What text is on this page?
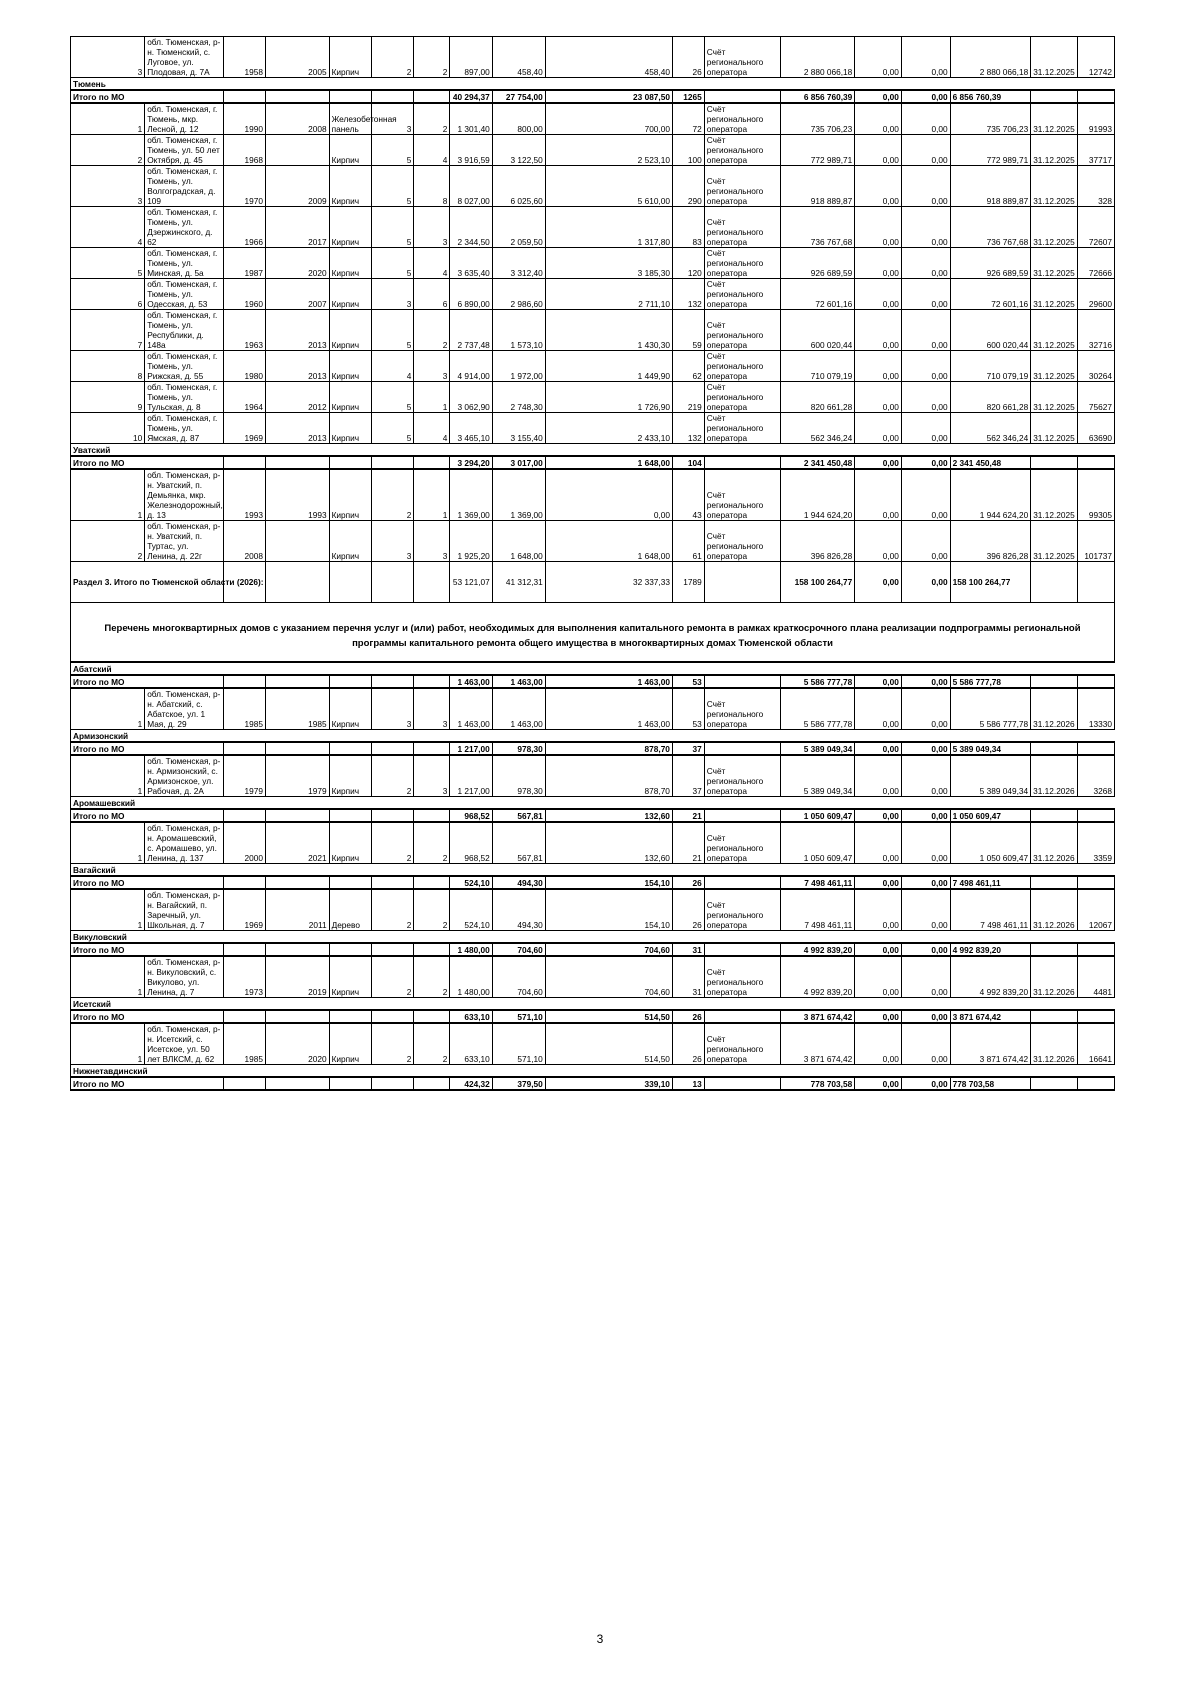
3	обл. Тюменская, р-н. Тюменский, с. Луговое, ул. Плодовая, д. 7А	1958	2005	Кирпич	2	2	897,00	458,40	458,40	26	Счёт регионального оператора	2 880 066,18	0,00	0,00	2 880 066,18	31.12.2025	12742
Тюмень																	
Итого по МО							40 294,37	27 754,00	23 087,50	1265		6 856 760,39	0,00	0,00	6 856 760,39		
1	обл. Тюменская, г. Тюмень, мкр. Лесной, д. 12	1990	2008	Железобетонная панель	3	2	1 301,40	800,00	700,00	72	Счёт регионального оператора	735 706,23	0,00	0,00	735 706,23	31.12.2025	91993
2	обл. Тюменская, г. Тюмень, ул. 50 лет Октября, д. 45	1968		Кирпич	5	4	3 916,59	3 122,50	2 523,10	100	Счёт регионального оператора	772 989,71	0,00	0,00	772 989,71	31.12.2025	37717
3	обл. Тюменская, г. Тюмень, ул. Волгоградская, д. 109	1970	2009	Кирпич	5	8	8 027,00	6 025,60	5 610,00	290	Счёт регионального оператора	918 889,87	0,00	0,00	918 889,87	31.12.2025	328
4	обл. Тюменская, г. Тюмень, ул. Дзержинского, д. 62	1966	2017	Кирпич	5	3	2 344,50	2 059,50	1 317,80	83	Счёт регионального оператора	736 767,68	0,00	0,00	736 767,68	31.12.2025	72607
5	обл. Тюменская, г. Тюмень, ул. Минская, д. 5а	1987	2020	Кирпич	5	4	3 635,40	3 312,40	3 185,30	120	Счёт регионального оператора	926 689,59	0,00	0,00	926 689,59	31.12.2025	72666
6	обл. Тюменская, г. Тюмень, ул. Одесская, д. 53	1960	2007	Кирпич	3	6	6 890,00	2 986,60	2 711,10	132	Счёт регионального оператора	72 601,16	0,00	0,00	72 601,16	31.12.2025	29600
7	обл. Тюменская, г. Тюмень, ул. Республики, д. 148а	1963	2013	Кирпич	5	2	2 737,48	1 573,10	1 430,30	59	Счёт регионального оператора	600 020,44	0,00	0,00	600 020,44	31.12.2025	32716
8	обл. Тюменская, г. Тюмень, ул. Рижская, д. 55	1980	2013	Кирпич	4	3	4 914,00	1 972,00	1 449,90	62	Счёт регионального оператора	710 079,19	0,00	0,00	710 079,19	31.12.2025	30264
9	обл. Тюменская, г. Тюмень, ул. Тульская, д. 8	1964	2012	Кирпич	5	1	3 062,90	2 748,30	1 726,90	219	Счёт регионального оператора	820 661,28	0,00	0,00	820 661,28	31.12.2025	75627
10	обл. Тюменская, г. Тюмень, ул. Ямская, д. 87	1969	2013	Кирпич	5	4	3 465,10	3 155,40	2 433,10	132	Счёт регионального оператора	562 346,24	0,00	0,00	562 346,24	31.12.2025	63690
Уватский																	
Итого по МО							3 294,20	3 017,00	1 648,00	104		2 341 450,48	0,00	0,00	2 341 450,48		
1	обл. Тюменская, р-н. Уватский, п. Демьянка, мкр. Железнодорожный, д. 13	1993	1993	Кирпич	2	1	1 369,00	1 369,00	0,00	43	Счёт регионального оператора	1 944 624,20	0,00	0,00	1 944 624,20	31.12.2025	99305
2	обл. Тюменская, р-н. Уватский, п. Туртас, ул. Ленина, д. 22г	2008		Кирпич	3	3	1 925,20	1 648,00	1 648,00	61	Счёт регионального оператора	396 826,28	0,00	0,00	396 826,28	31.12.2025	101737
Раздел 3. Итого по Тюменской области (2026):							53 121,07	41 312,31	32 337,33	1789		158 100 264,77	0,00	0,00	158 100 264,77		
Перечень многоквартирных домов с указанием перечня услуг и (или) работ, необходимых для выполнения капитального ремонта в рамках краткосрочного плана реализации подпрограммы региональной программы капитального ремонта общего имущества в многоквартирных домах Тюменской области
Абатский																	
Итого по МО							1 463,00	1 463,00	1 463,00	53		5 586 777,78	0,00	0,00	5 586 777,78		
1	обл. Тюменская, р-н. Абатский, с. Абатское, ул. 1 Мая, д. 29	1985	1985	Кирпич	3	3	1 463,00	1 463,00	1 463,00	53	Счёт регионального оператора	5 586 777,78	0,00	0,00	5 586 777,78	31.12.2026	13330
Армизонский																	
Итого по МО							1 217,00	978,30	878,70	37		5 389 049,34	0,00	0,00	5 389 049,34		
1	обл. Тюменская, р-н. Армизонский, с. Армизонское, ул. Рабочая, д. 2А	1979	1979	Кирпич	2	3	1 217,00	978,30	878,70	37	Счёт регионального оператора	5 389 049,34	0,00	0,00	5 389 049,34	31.12.2026	3268
Аромашевский																	
Итого по МО							968,52	567,81	132,60	21		1 050 609,47	0,00	0,00	1 050 609,47		
1	обл. Тюменская, р-н. Аромашевский, с. Аромашево, ул. Ленина, д. 137	2000	2021	Кирпич	2	2	968,52	567,81	132,60	21	Счёт регионального оператора	1 050 609,47	0,00	0,00	1 050 609,47	31.12.2026	3359
Вагайский																	
Итого по МО							524,10	494,30	154,10	26		7 498 461,11	0,00	0,00	7 498 461,11		
1	обл. Тюменская, р-н. Вагайский, п. Заречный, ул. Школьная, д. 7	1969	2011	Дерево	2	2	524,10	494,30	154,10	26	Счёт регионального оператора	7 498 461,11	0,00	0,00	7 498 461,11	31.12.2026	12067
Викуловский																	
Итого по МО							1 480,00	704,60	704,60	31		4 992 839,20	0,00	0,00	4 992 839,20		
1	обл. Тюменская, р-н. Викуловский, с. Викулово, ул. Ленина, д. 7	1973	2019	Кирпич	2	2	1 480,00	704,60	704,60	31	Счёт регионального оператора	4 992 839,20	0,00	0,00	4 992 839,20	31.12.2026	4481
Исетский																	
Итого по МО							633,10	571,10	514,50	26		3 871 674,42	0,00	0,00	3 871 674,42		
1	обл. Тюменская, р-н. Исетский, с. Исетское, ул. 50 лет ВЛКСМ, д. 62	1985	2020	Кирпич	2	2	633,10	571,10	514,50	26	Счёт регионального оператора	3 871 674,42	0,00	0,00	3 871 674,42	31.12.2026	16641
Нижнетавдинский																	
Итого по МО							424,32	379,50	339,10	13		778 703,58	0,00	0,00	778 703,58		
3
